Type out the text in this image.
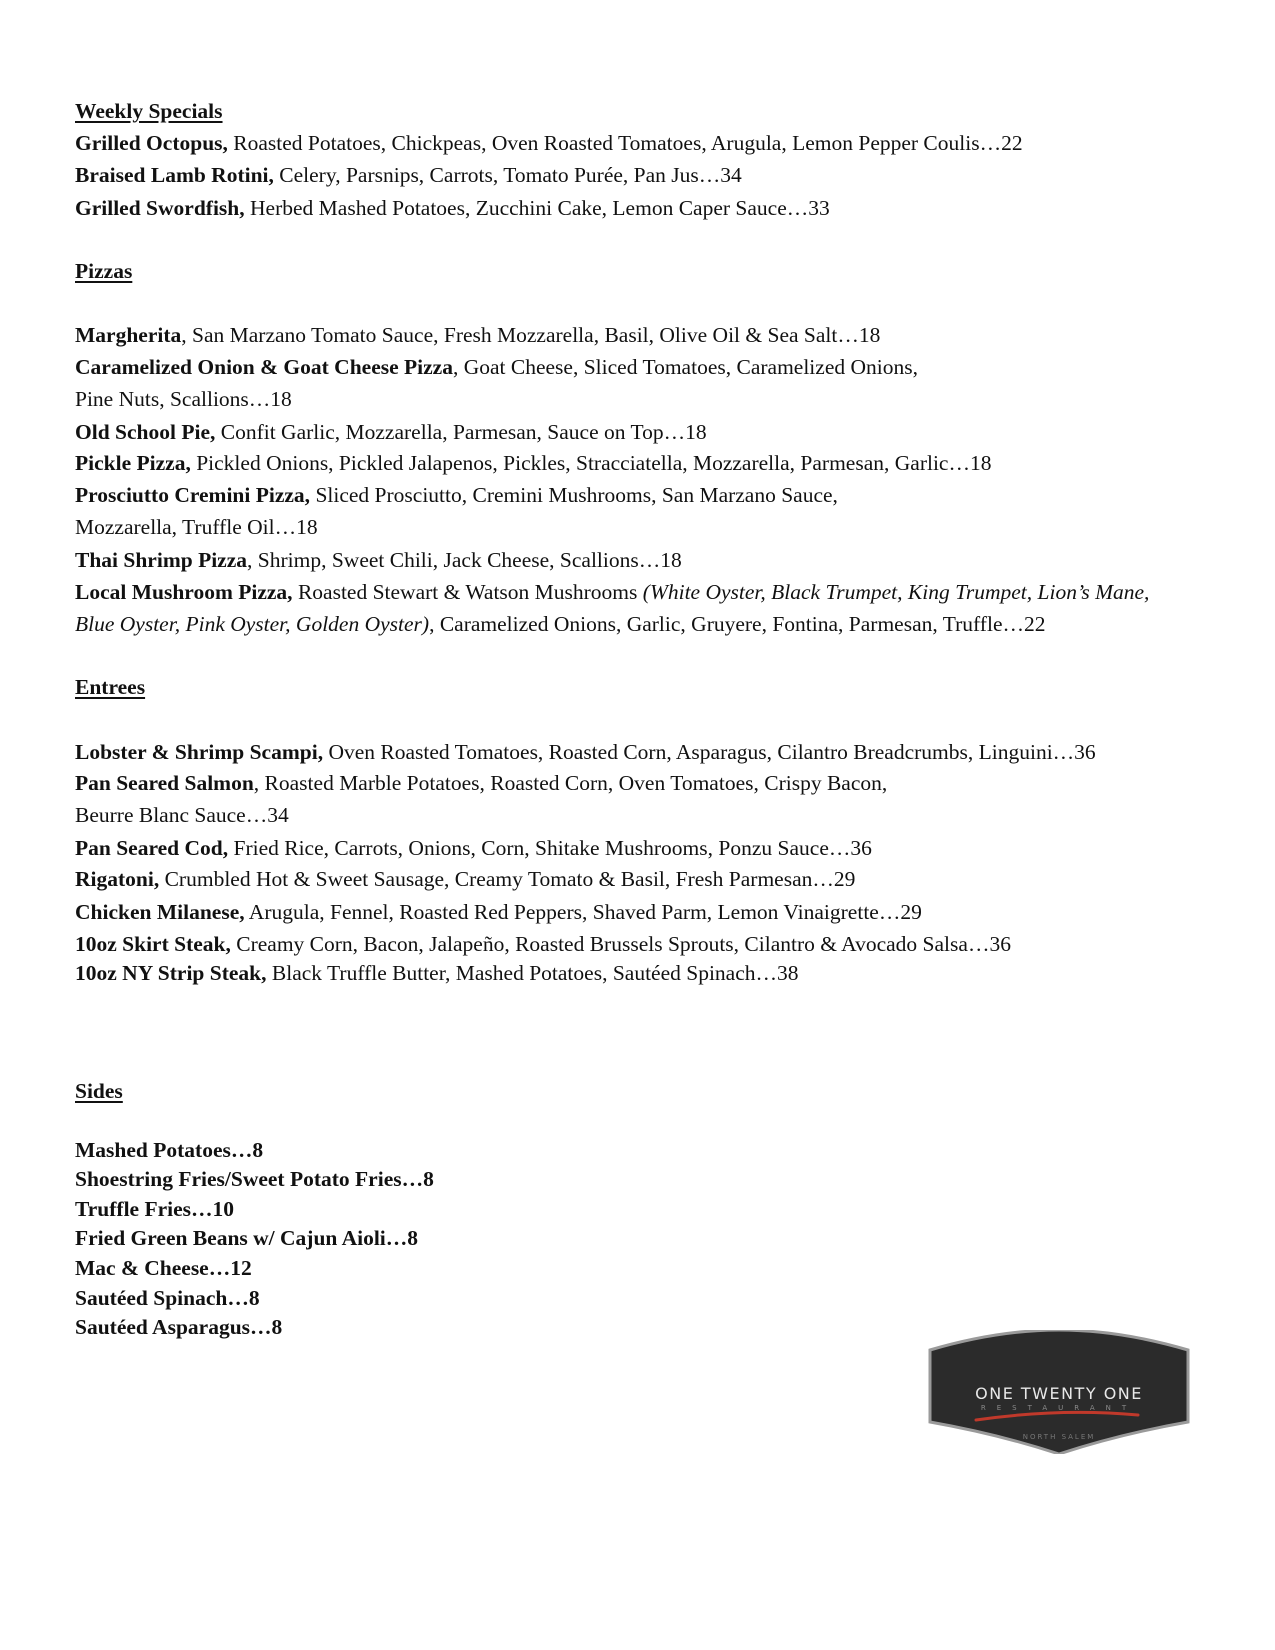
Weekly Specials
Grilled Octopus, Roasted Potatoes, Chickpeas, Oven Roasted Tomatoes, Arugula, Lemon Pepper Coulis…22
Braised Lamb Rotini, Celery, Parsnips, Carrots, Tomato Purée, Pan Jus…34
Grilled Swordfish, Herbed Mashed Potatoes, Zucchini Cake, Lemon Caper Sauce…33
Pizzas
Margherita, San Marzano Tomato Sauce, Fresh Mozzarella, Basil, Olive Oil & Sea Salt…18
Caramelized Onion & Goat Cheese Pizza, Goat Cheese, Sliced Tomatoes, Caramelized Onions,
Pine Nuts, Scallions…18
Old School Pie, Confit Garlic, Mozzarella, Parmesan, Sauce on Top…18
Pickle Pizza, Pickled Onions, Pickled Jalapenos, Pickles, Stracciatella, Mozzarella, Parmesan, Garlic…18
Prosciutto Cremini Pizza, Sliced Prosciutto, Cremini Mushrooms, San Marzano Sauce,
Mozzarella, Truffle Oil…18
Thai Shrimp Pizza, Shrimp, Sweet Chili, Jack Cheese, Scallions…18
Local Mushroom Pizza, Roasted Stewart & Watson Mushrooms (White Oyster, Black Trumpet, King Trumpet, Lion’s Mane,
Blue Oyster, Pink Oyster, Golden Oyster), Caramelized Onions, Garlic, Gruyere, Fontina, Parmesan, Truffle…22
Entrees
Lobster & Shrimp Scampi, Oven Roasted Tomatoes, Roasted Corn, Asparagus, Cilantro Breadcrumbs, Linguini…36
Pan Seared Salmon, Roasted Marble Potatoes, Roasted Corn, Oven Tomatoes, Crispy Bacon,
Beurre Blanc Sauce…34
Pan Seared Cod, Fried Rice, Carrots, Onions, Corn, Shitake Mushrooms, Ponzu Sauce…36
Rigatoni, Crumbled Hot & Sweet Sausage, Creamy Tomato & Basil, Fresh Parmesan…29
Chicken Milanese, Arugula, Fennel, Roasted Red Peppers, Shaved Parm, Lemon Vinaigrette…29
10oz Skirt Steak, Creamy Corn, Bacon, Jalapeño, Roasted Brussels Sprouts, Cilantro & Avocado Salsa…36
10oz NY Strip Steak, Black Truffle Butter, Mashed Potatoes, Sautéed Spinach…38
Sides
Mashed Potatoes…8
Shoestring Fries/Sweet Potato Fries…8
Truffle Fries…10
Fried Green Beans w/ Cajun Aioli…8
Mac & Cheese…12
Sautéed Spinach…8
Sautéed Asparagus…8
ONE TWENTY ONE
RESTAURANT
NORTH SALEM
